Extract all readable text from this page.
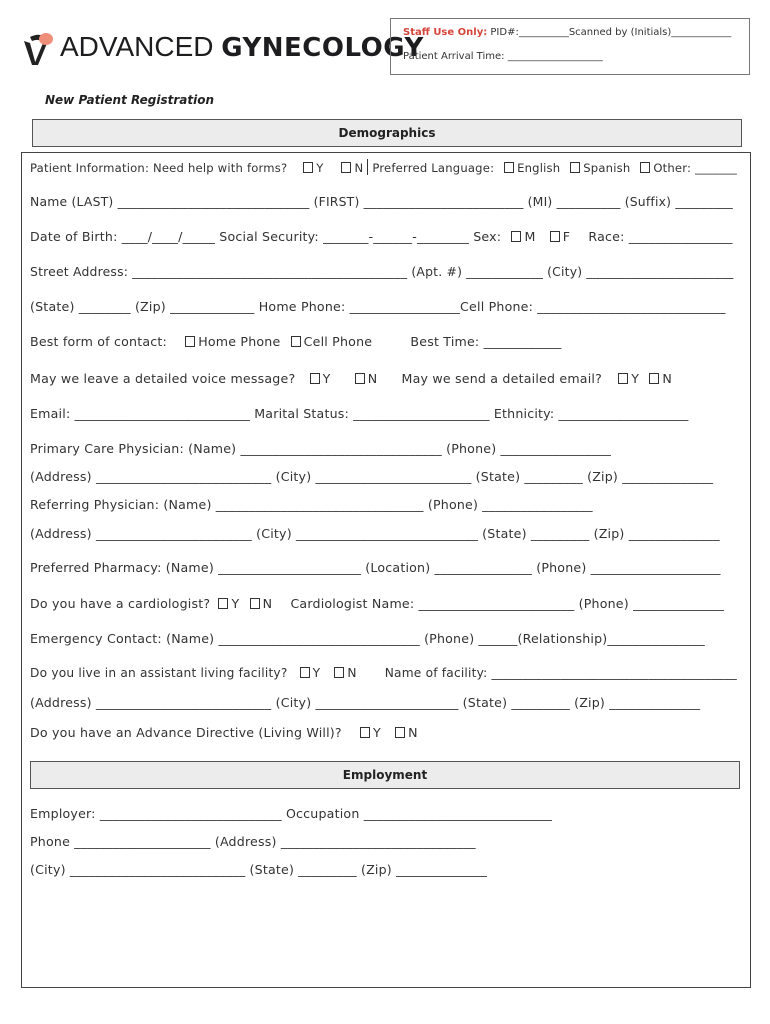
ADVANCED GYNECOLOGY
Staff Use Only: PID#:__________Scanned by (Initials)____________
Patient Arrival Time: ___________________
New Patient Registration
Demographics
Patient Information: Need help with forms? Y	N Preferred Language: English Spanish Other: _______
Name (LAST) ______________________________ (FIRST) _________________________ (MI) __________ (Suffix) _________
Date of Birth: ____/____/_____ Social Security: _______-______-________ Sex: M F Race: ________________
Street Address: ___________________________________________ (Apt. #) ____________ (City) _______________________
(State) ________ (Zip) _____________ Home Phone: _________________Cell Phone: _____________________________
Best form of contact: Home Phone Cell Phone	Best Time: ____________
May we leave a detailed voice message? Y	N May we send a detailed email? Y N
Email: ___________________________ Marital Status: _____________________ Ethnicity: ____________________
Primary Care Physician: (Name) _______________________________ (Phone) _________________
(Address) ___________________________ (City) ________________________ (State) _________ (Zip) ______________
Referring Physician: (Name) ________________________________ (Phone) _________________
(Address) ________________________ (City) ____________________________ (State) _________ (Zip) ______________
Preferred Pharmacy: (Name) ______________________ (Location) _______________ (Phone) ____________________
Do you have a cardiologist? Y N Cardiologist Name: ________________________ (Phone) ______________
Emergency Contact: (Name) _______________________________ (Phone) ______(Relationship)_______________
Do you live in an assistant living facility? Y N Name of facility: _______________________________________
(Address) ___________________________ (City) ______________________ (State) _________ (Zip) ______________
Do you have an Advance Directive (Living Will)? Y N
Employment
Employer: ____________________________ Occupation _____________________________
Phone _____________________ (Address) ______________________________
(City) ___________________________ (State) _________ (Zip) ______________
